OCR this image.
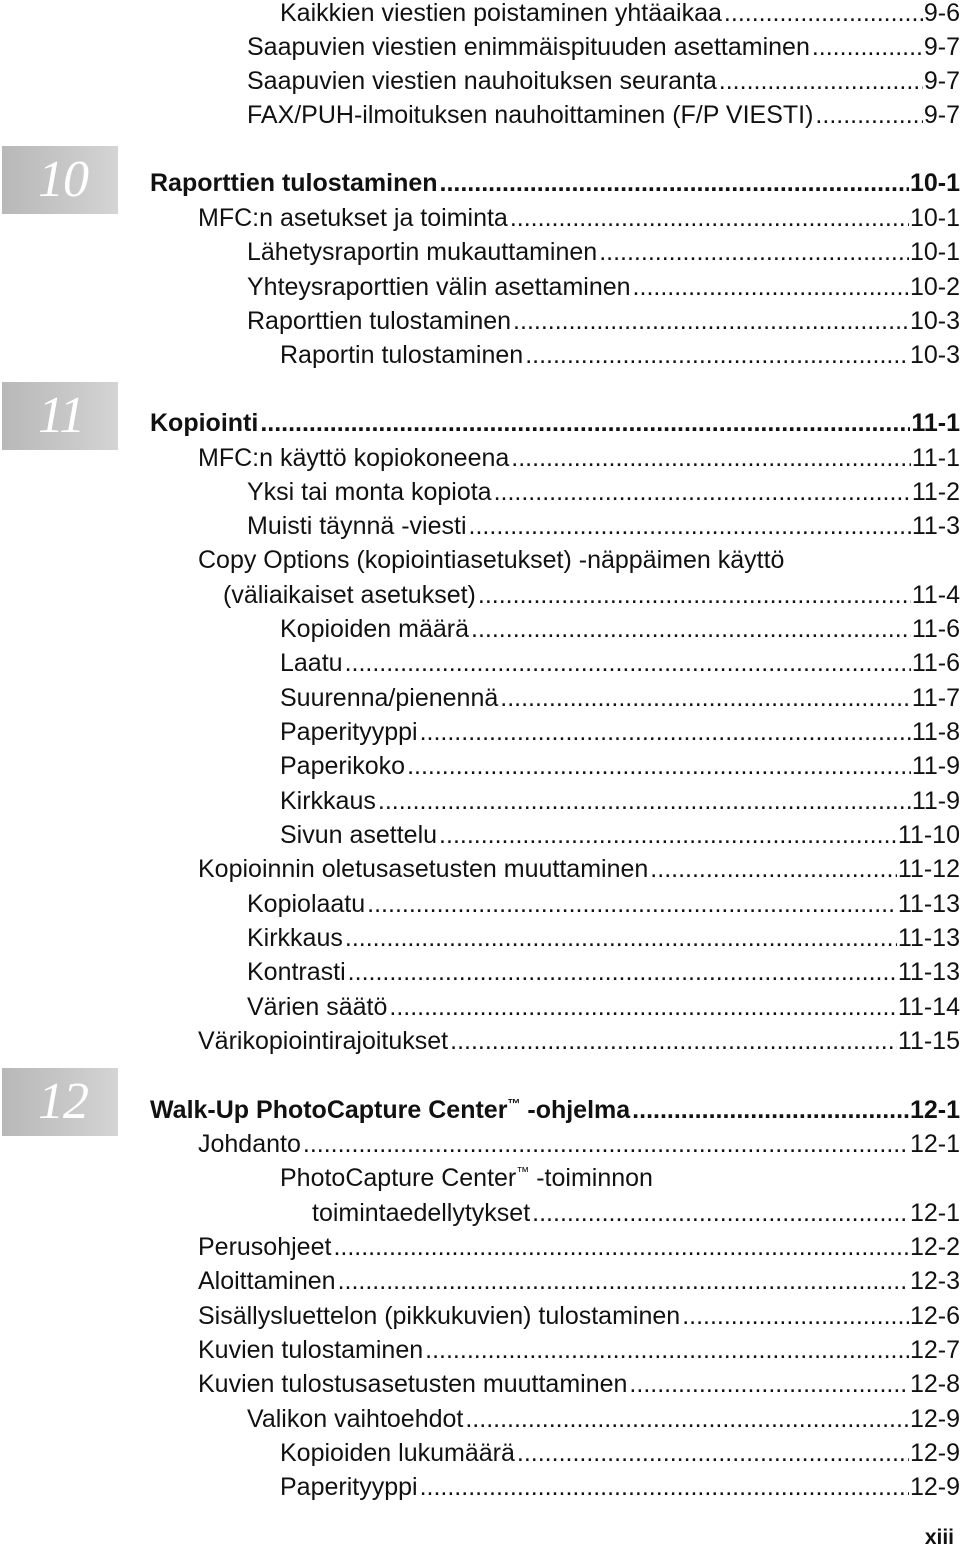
10
11
12
Kaikkien viestien poistaminen yhtäaikaa .....	9-6
Saapuvien viestien enimmäispituuden asettaminen .....	9-7
Saapuvien viestien nauhoituksen seuranta .....	9-7
FAX/PUH-ilmoituksen nauhoittaminen (F/P VIESTI) .....	9-7
Raporttien tulostaminen .....	10-1
MFC:n asetukset ja toiminta .....	10-1
Lähetysraportin mukauttaminen .....	10-1
Yhteysraporttien välin asettaminen .....	10-2
Raporttien tulostaminen .....	10-3
Raportin tulostaminen .....	10-3
Kopiointi .....	11-1
MFC:n käyttö kopiokoneena .....	11-1
Yksi tai monta kopiota .....	11-2
Muisti täynnä -viesti .....	11-3
Copy Options (kopiointiasetukset) -näppäimen käyttö
(väliaikaiset asetukset) .....	11-4
Kopioiden määrä .....	11-6
Laatu .....	11-6
Suurenna/pienennä .....	11-7
Paperityyppi .....	11-8
Paperikoko .....	11-9
Kirkkaus .....	11-9
Sivun asettelu .....	11-10
Kopioinnin oletusasetusten muuttaminen .....	11-12
Kopiolaatu .....	11-13
Kirkkaus .....	11-13
Kontrasti .....	11-13
Värien säätö .....	11-14
Värikopiointirajoitukset .....	11-15
Walk-Up PhotoCapture Center™ -ohjelma .....	12-1
Johdanto .....	12-1
PhotoCapture Center™ -toiminnon
toimintaedellytykset .....	12-1
Perusohjeet .....	12-2
Aloittaminen .....	12-3
Sisällysluettelon (pikkukuvien) tulostaminen .....	12-6
Kuvien tulostaminen .....	12-7
Kuvien tulostusasetusten muuttaminen .....	12-8
Valikon vaihtoehdot .....	12-9
Kopioiden lukumäärä .....	12-9
Paperityyppi .....	12-9
xiii
